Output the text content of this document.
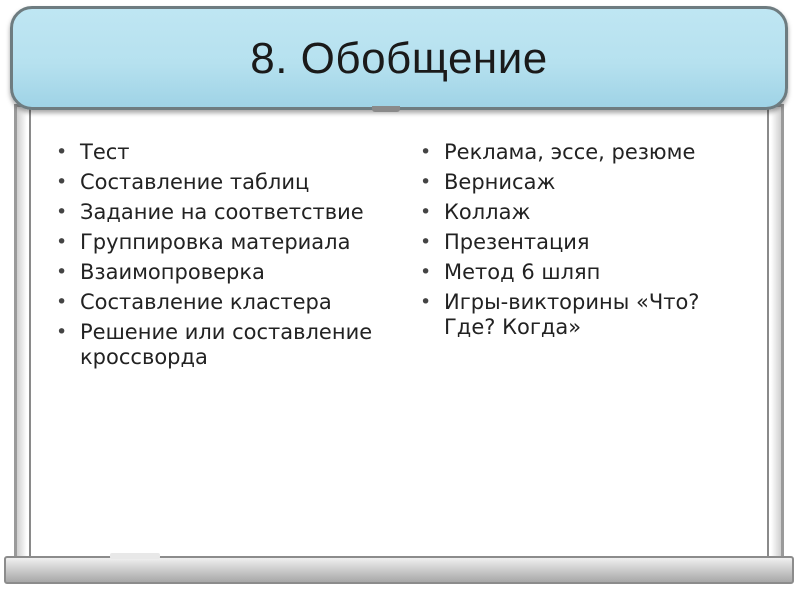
8. Обобщение
• Тест
• Составление таблиц
• Задание на соответствие
• Группировка материала
• Взаимопроверка
• Составление кластера
• Решение или составление кроссворда
• Реклама, эссе, резюме
• Вернисаж
• Коллаж
• Презентация
• Метод 6 шляп
• Игры-викторины «Что? Где? Когда»
